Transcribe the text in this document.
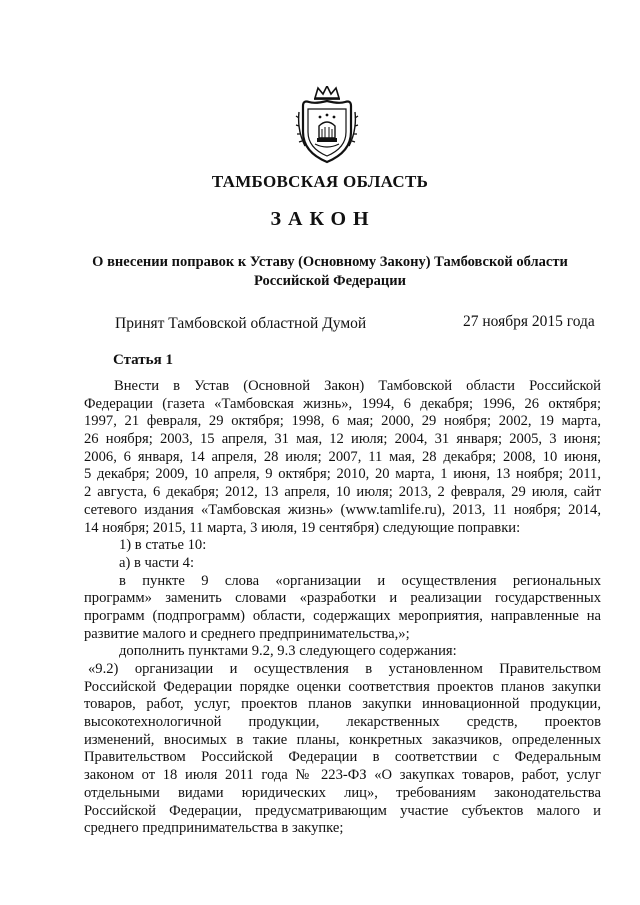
ТАМБОВСКАЯ ОБЛАСТЬ
ЗАКОН
О внесении поправок к Уставу (Основному Закону) Тамбовской области
Российской Федерации
Принят Тамбовской областной Думой	27 ноября 2015 года
Статья 1
Внести в Устав (Основной Закон) Тамбовской области Российской
Федерации (газета «Тамбовская жизнь», 1994, 6 декабря; 1996, 26 октября;
1997, 21 февраля, 29 октября; 1998, 6 мая; 2000, 29 ноября; 2002, 19 марта,
26 ноября; 2003, 15 апреля, 31 мая, 12 июля; 2004, 31 января; 2005, 3 июня;
2006, 6 января, 14 апреля, 28 июля; 2007, 11 мая, 28 декабря; 2008, 10 июня,
5 декабря; 2009, 10 апреля, 9 октября; 2010, 20 марта, 1 июня, 13 ноября; 2011,
2 августа, 6 декабря; 2012, 13 апреля, 10 июля; 2013, 2 февраля, 29 июля, сайт
сетевого издания «Тамбовская жизнь» (www.tamlife.ru), 2013, 11 ноября; 2014,
14 ноября; 2015, 11 марта, 3 июля, 19 сентября) следующие поправки:
1) в статье 10:
а) в части 4:
в пункте 9 слова «организации и осуществления региональных
программ» заменить словами «разработки и реализации государственных
программ (подпрограмм) области, содержащих мероприятия, направленные на
развитие малого и среднего предпринимательства,»;
дополнить пунктами 9.2, 9.3 следующего содержания:
«9.2) организации и осуществления в установленном Правительством
Российской Федерации порядке оценки соответствия проектов планов закупки
товаров, работ, услуг, проектов планов закупки инновационной продукции,
высокотехнологичной продукции, лекарственных средств, проектов
изменений, вносимых в такие планы, конкретных заказчиков, определенных
Правительством Российской Федерации в соответствии с Федеральным
законом от 18 июля 2011 года № 223-ФЗ «О закупках товаров, работ, услуг
отдельными видами юридических лиц», требованиям законодательства
Российской Федерации, предусматривающим участие субъектов малого и
среднего предпринимательства в закупке;
